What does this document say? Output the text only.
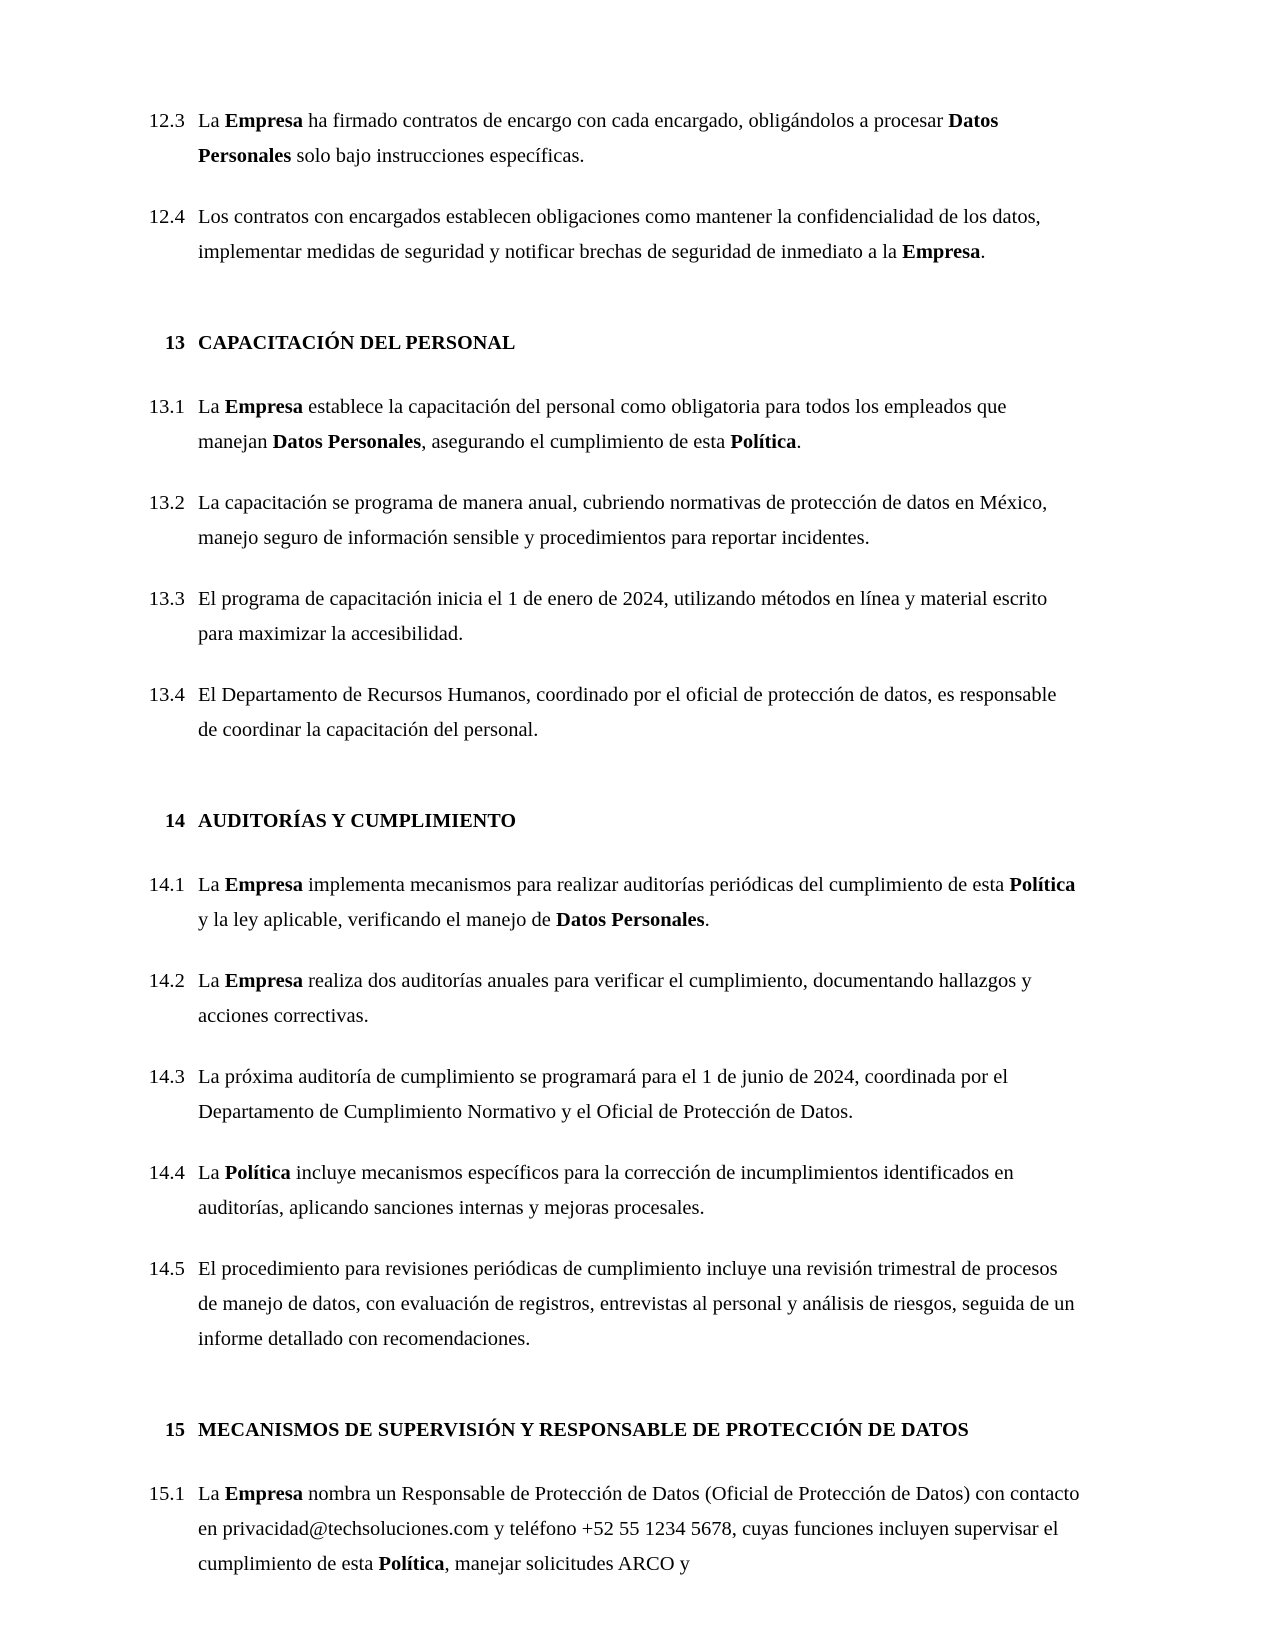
12.3 La Empresa ha firmado contratos de encargo con cada encargado, obligándolos a procesar Datos Personales solo bajo instrucciones específicas.
12.4 Los contratos con encargados establecen obligaciones como mantener la confidencialidad de los datos, implementar medidas de seguridad y notificar brechas de seguridad de inmediato a la Empresa.
13 CAPACITACIÓN DEL PERSONAL
13.1 La Empresa establece la capacitación del personal como obligatoria para todos los empleados que manejan Datos Personales, asegurando el cumplimiento de esta Política.
13.2 La capacitación se programa de manera anual, cubriendo normativas de protección de datos en México, manejo seguro de información sensible y procedimientos para reportar incidentes.
13.3 El programa de capacitación inicia el 1 de enero de 2024, utilizando métodos en línea y material escrito para maximizar la accesibilidad.
13.4 El Departamento de Recursos Humanos, coordinado por el oficial de protección de datos, es responsable de coordinar la capacitación del personal.
14 AUDITORÍAS Y CUMPLIMIENTO
14.1 La Empresa implementa mecanismos para realizar auditorías periódicas del cumplimiento de esta Política y la ley aplicable, verificando el manejo de Datos Personales.
14.2 La Empresa realiza dos auditorías anuales para verificar el cumplimiento, documentando hallazgos y acciones correctivas.
14.3 La próxima auditoría de cumplimiento se programará para el 1 de junio de 2024, coordinada por el Departamento de Cumplimiento Normativo y el Oficial de Protección de Datos.
14.4 La Política incluye mecanismos específicos para la corrección de incumplimientos identificados en auditorías, aplicando sanciones internas y mejoras procesales.
14.5 El procedimiento para revisiones periódicas de cumplimiento incluye una revisión trimestral de procesos de manejo de datos, con evaluación de registros, entrevistas al personal y análisis de riesgos, seguida de un informe detallado con recomendaciones.
15 MECANISMOS DE SUPERVISIÓN Y RESPONSABLE DE PROTECCIÓN DE DATOS
15.1 La Empresa nombra un Responsable de Protección de Datos (Oficial de Protección de Datos) con contacto en privacidad@techsoluciones.com y teléfono +52 55 1234 5678, cuyas funciones incluyen supervisar el cumplimiento de esta Política, manejar solicitudes ARCO y
